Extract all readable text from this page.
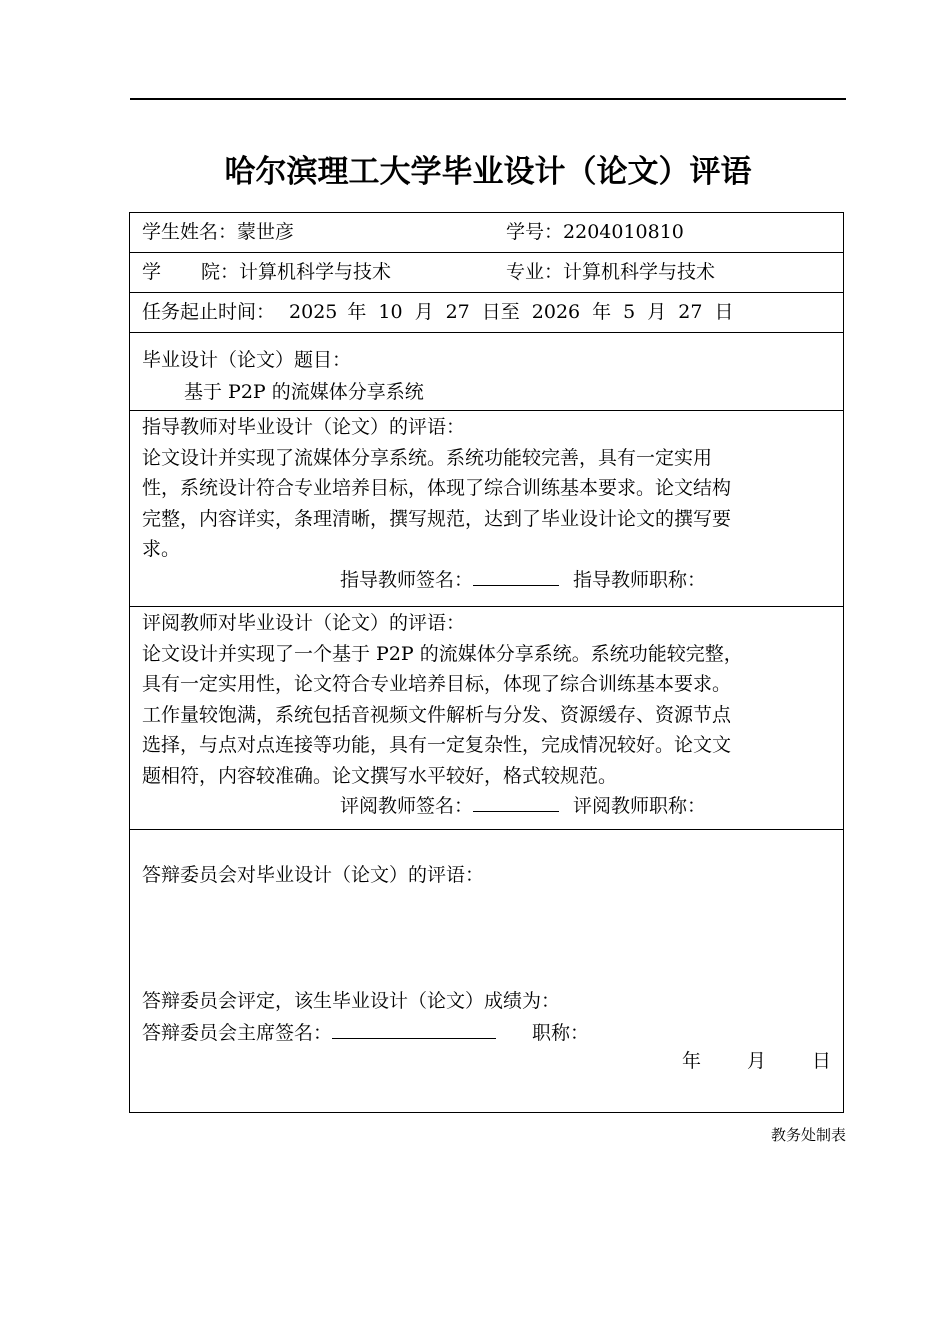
哈尔滨理工大学毕业设计（论文）评语
学生姓名：蒙世彦	学号：2204010810
学 院：计算机科学与技术	专业：计算机科学与技术
任务起止时间： 2025 年 10 月 27 日至 2026 年 5 月 27 日
毕业设计（论文）题目：
基于 P2P 的流媒体分享系统
指导教师对毕业设计（论文）的评语：
论文设计并实现了流媒体分享系统。系统功能较完善，具有一定实用
性，系统设计符合专业培养目标，体现了综合训练基本要求。论文结构
完整，内容详实，条理清晰，撰写规范，达到了毕业设计论文的撰写要
求。
指导教师签名：	指导教师职称：
评阅教师对毕业设计（论文）的评语：
论文设计并实现了一个基于 P2P 的流媒体分享系统。系统功能较完整，
具有一定实用性，论文符合专业培养目标，体现了综合训练基本要求。
工作量较饱满，系统包括音视频文件解析与分发、资源缓存、资源节点
选择，与点对点连接等功能，具有一定复杂性，完成情况较好。论文文
题相符，内容较准确。论文撰写水平较好，格式较规范。
评阅教师签名：	评阅教师职称：
答辩委员会对毕业设计（论文）的评语：
答辩委员会评定，该生毕业设计（论文）成绩为：
答辩委员会主席签名：	职称：
年 月 日
教务处制表
